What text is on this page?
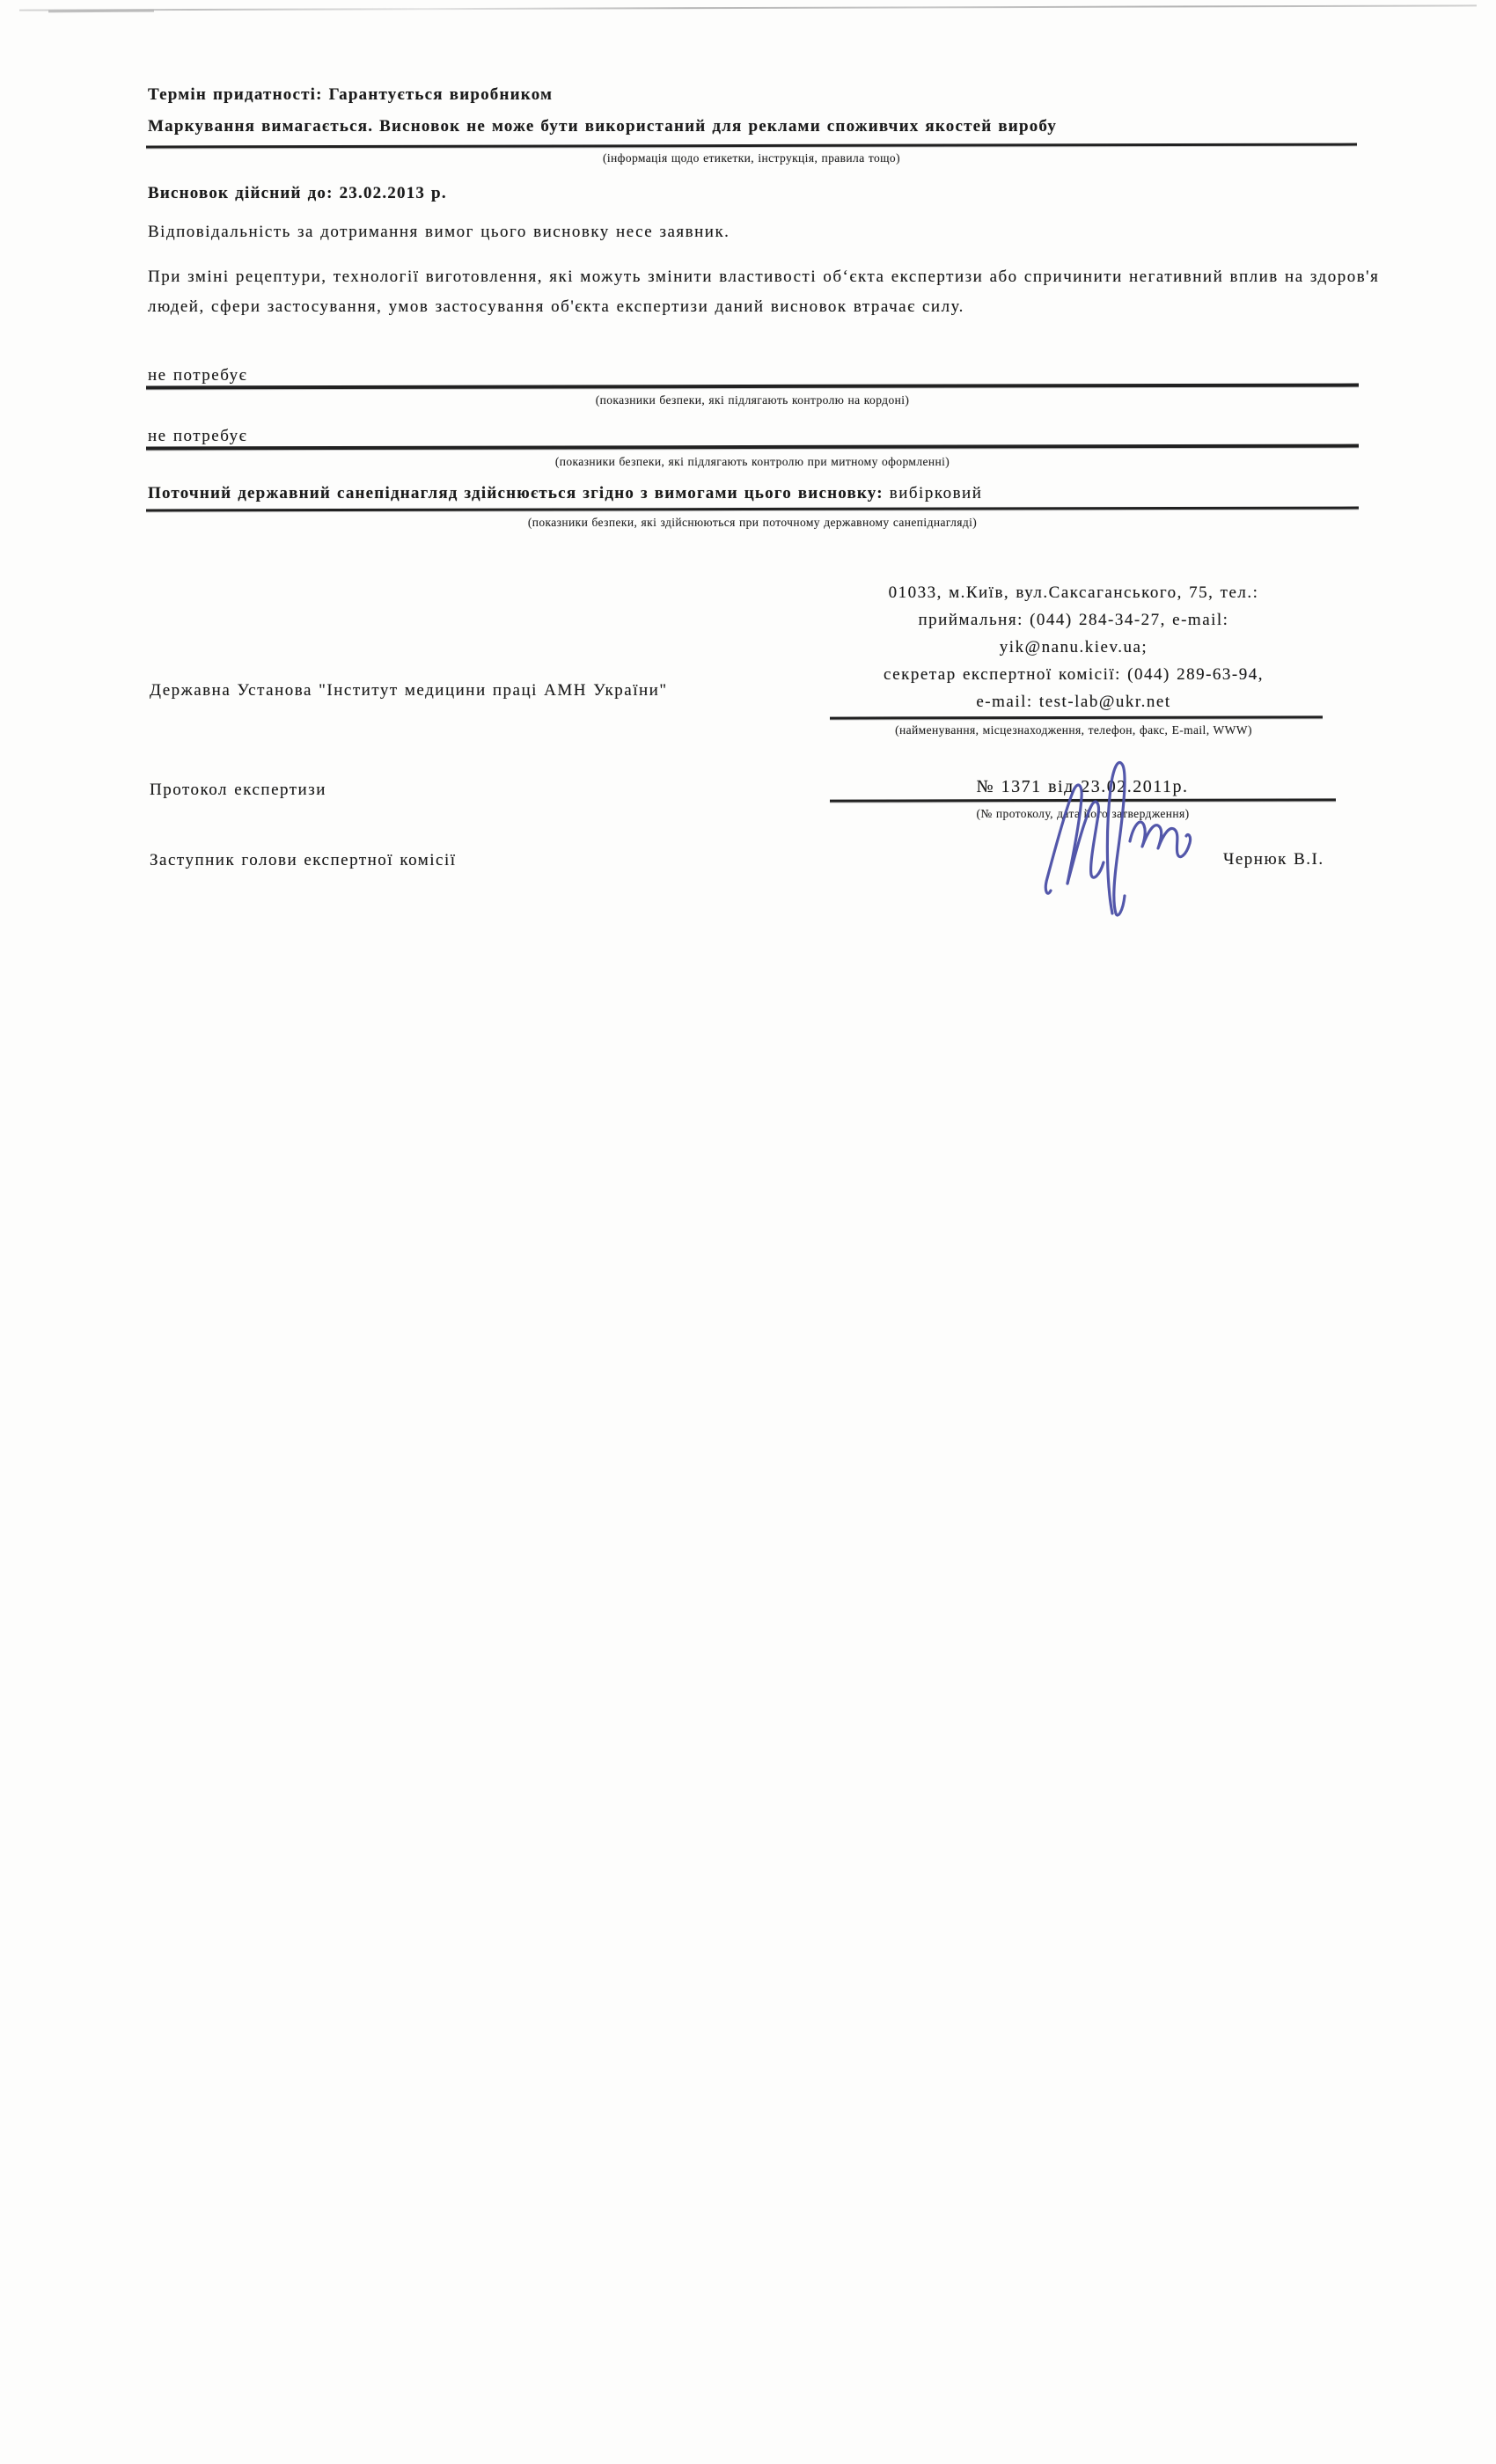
Термін придатності: Гарантується виробником
Маркування вимагається. Висновок не може бути використаний для реклами споживчих якостей виробу
(інформація щодо етикетки, інструкція, правила тощо)
Висновок дійсний до: 23.02.2013 р.
Відповідальність за дотримання вимог цього висновку несе заявник.
При зміні рецептури, технології виготовлення, які можуть змінити властивості об‘єкта експертизи або спричинити негативний вплив на здоров'я людей, сфери застосування, умов застосування об'єкта експертизи даний висновок втрачає силу.
не потребує
(показники безпеки, які підлягають контролю на кордоні)
не потребує
(показники безпеки, які підлягають контролю при митному оформленні)
Поточний державний санепіднагляд здійснюється згідно з вимогами цього висновку: вибірковий
(показники безпеки, які здійснюються при поточному державному санепіднагляді)
Державна Установа "Інститут медицини праці АМН України"
01033, м.Київ, вул.Саксаганського, 75, тел.:
приймальня: (044) 284-34-27, e-mail:
yik@nanu.kiev.ua;
секретар експертної комісії: (044) 289-63-94,
e-mail: test-lab@ukr.net
(найменування, місцезнаходження, телефон, факс, E-mail, WWW)
Протокол експертизи	№ 1371 від 23.02.2011р.
(№ протоколу, дата його затвердження)
Заступник голови експертної комісії	Чернюк В.І.
